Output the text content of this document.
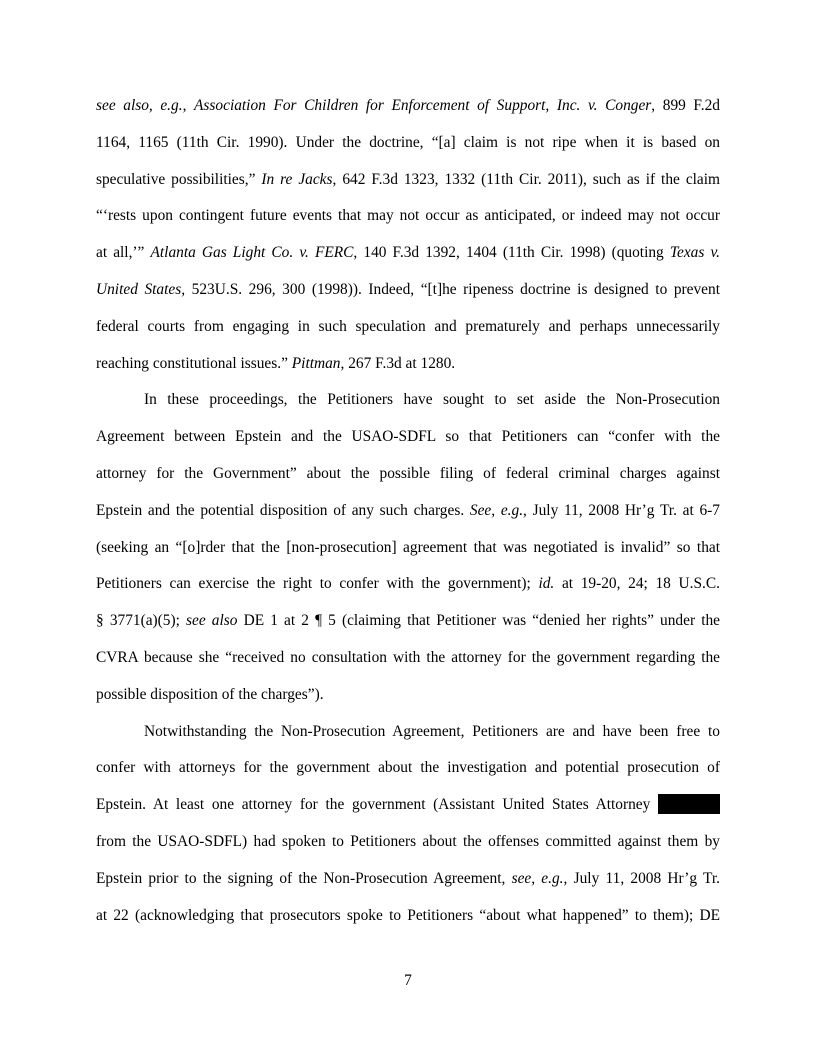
see also, e.g., Association For Children for Enforcement of Support, Inc. v. Conger, 899 F.2d
1164, 1165 (11th Cir. 1990). Under the doctrine, “[a] claim is not ripe when it is based on
speculative possibilities,” In re Jacks, 642 F.3d 1323, 1332 (11th Cir. 2011), such as if the claim
“‘rests upon contingent future events that may not occur as anticipated, or indeed may not occur
at all,’” Atlanta Gas Light Co. v. FERC, 140 F.3d 1392, 1404 (11th Cir. 1998) (quoting Texas v.
United States, 523U.S. 296, 300 (1998)). Indeed, “[t]he ripeness doctrine is designed to prevent
federal courts from engaging in such speculation and prematurely and perhaps unnecessarily
reaching constitutional issues.” Pittman, 267 F.3d at 1280.
In these proceedings, the Petitioners have sought to set aside the Non-Prosecution
Agreement between Epstein and the USAO-SDFL so that Petitioners can “confer with the
attorney for the Government” about the possible filing of federal criminal charges against
Epstein and the potential disposition of any such charges. See, e.g., July 11, 2008 Hr’g Tr. at 6-7
(seeking an “[o]rder that the [non-prosecution] agreement that was negotiated is invalid” so that
Petitioners can exercise the right to confer with the government); id. at 19-20, 24; 18 U.S.C.
§ 3771(a)(5); see also DE 1 at 2 ¶ 5 (claiming that Petitioner was “denied her rights” under the
CVRA because she “received no consultation with the attorney for the government regarding the
possible disposition of the charges”).
Notwithstanding the Non-Prosecution Agreement, Petitioners are and have been free to
confer with attorneys for the government about the investigation and potential prosecution of
Epstein. At least one attorney for the government (Assistant United States Attorney
from the USAO-SDFL) had spoken to Petitioners about the offenses committed against them by
Epstein prior to the signing of the Non-Prosecution Agreement, see, e.g., July 11, 2008 Hr’g Tr.
at 22 (acknowledging that prosecutors spoke to Petitioners “about what happened” to them); DE
7
